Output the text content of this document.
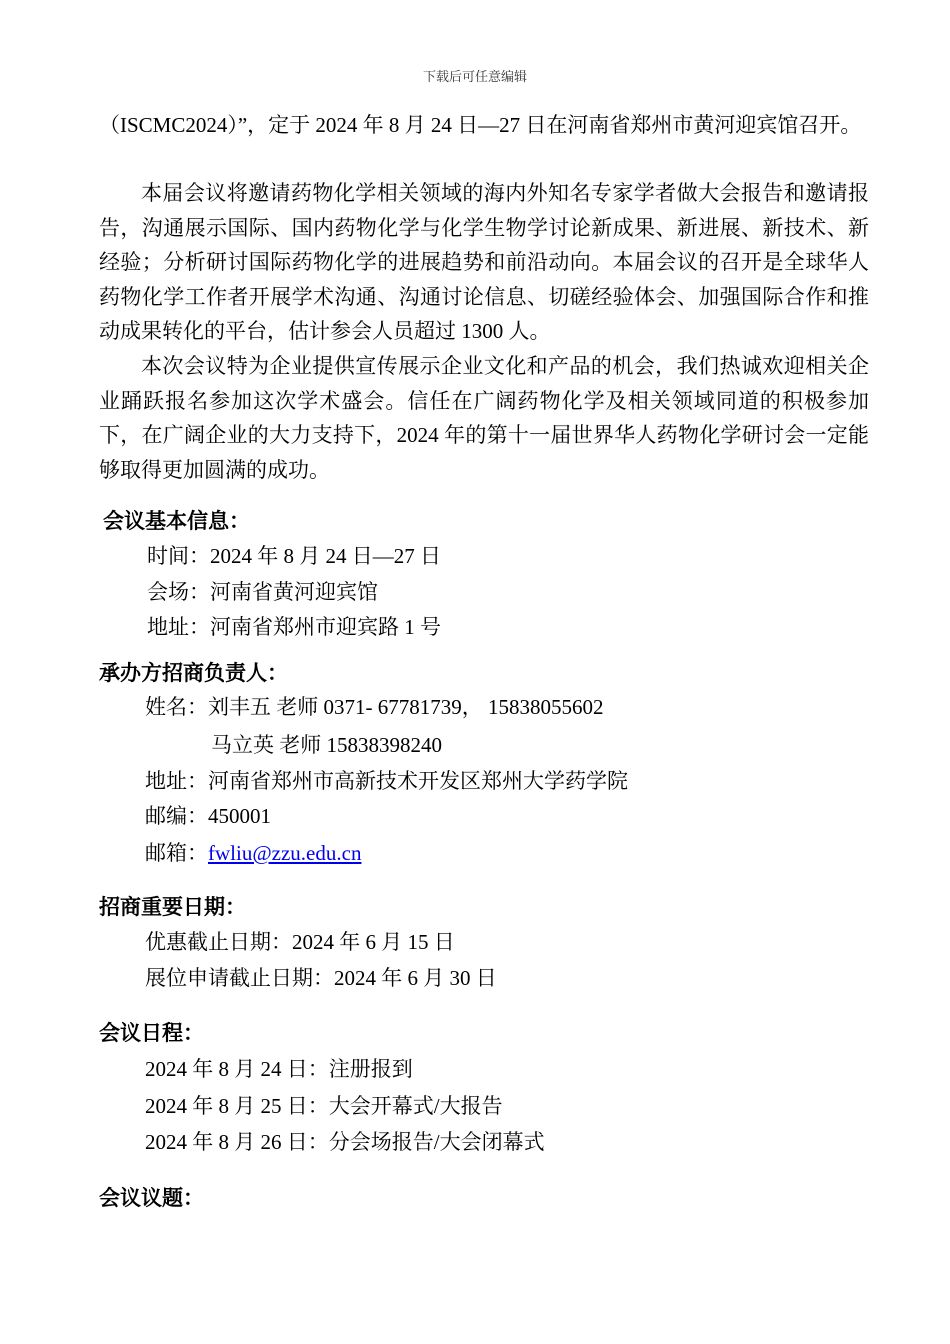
下载后可任意编辑
（ISCMC2024）”，定于 2024 年 8 月 24 日—27 日在河南省郑州市黄河迎宾馆召开。
本届会议将邀请药物化学相关领域的海内外知名专家学者做大会报告和邀请报告，沟通展示国际、国内药物化学与化学生物学讨论新成果、新进展、新技术、新经验；分析研讨国际药物化学的进展趋势和前沿动向。本届会议的召开是全球华人药物化学工作者开展学术沟通、沟通讨论信息、切磋经验体会、加强国际合作和推动成果转化的平台，估计参会人员超过 1300 人。
本次会议特为企业提供宣传展示企业文化和产品的机会，我们热诚欢迎相关企业踊跃报名参加这次学术盛会。信任在广阔药物化学及相关领域同道的积极参加下，在广阔企业的大力支持下，2024 年的第十一届世界华人药物化学研讨会一定能够取得更加圆满的成功。
会议基本信息：
时间：2024 年 8 月 24 日—27 日
会场：河南省黄河迎宾馆
地址：河南省郑州市迎宾路 1 号
承办方招商负责人：
姓名：刘丰五 老师 0371- 67781739， 15838055602
马立英 老师 15838398240
地址：河南省郑州市高新技术开发区郑州大学药学院
邮编：450001
邮箱：fwliu@zzu.edu.cn
招商重要日期：
优惠截止日期：2024 年 6 月 15 日
展位申请截止日期：2024 年 6 月 30 日
会议日程：
2024 年 8 月 24 日：注册报到
2024 年 8 月 25 日：大会开幕式/大报告
2024 年 8 月 26 日：分会场报告/大会闭幕式
会议议题：
